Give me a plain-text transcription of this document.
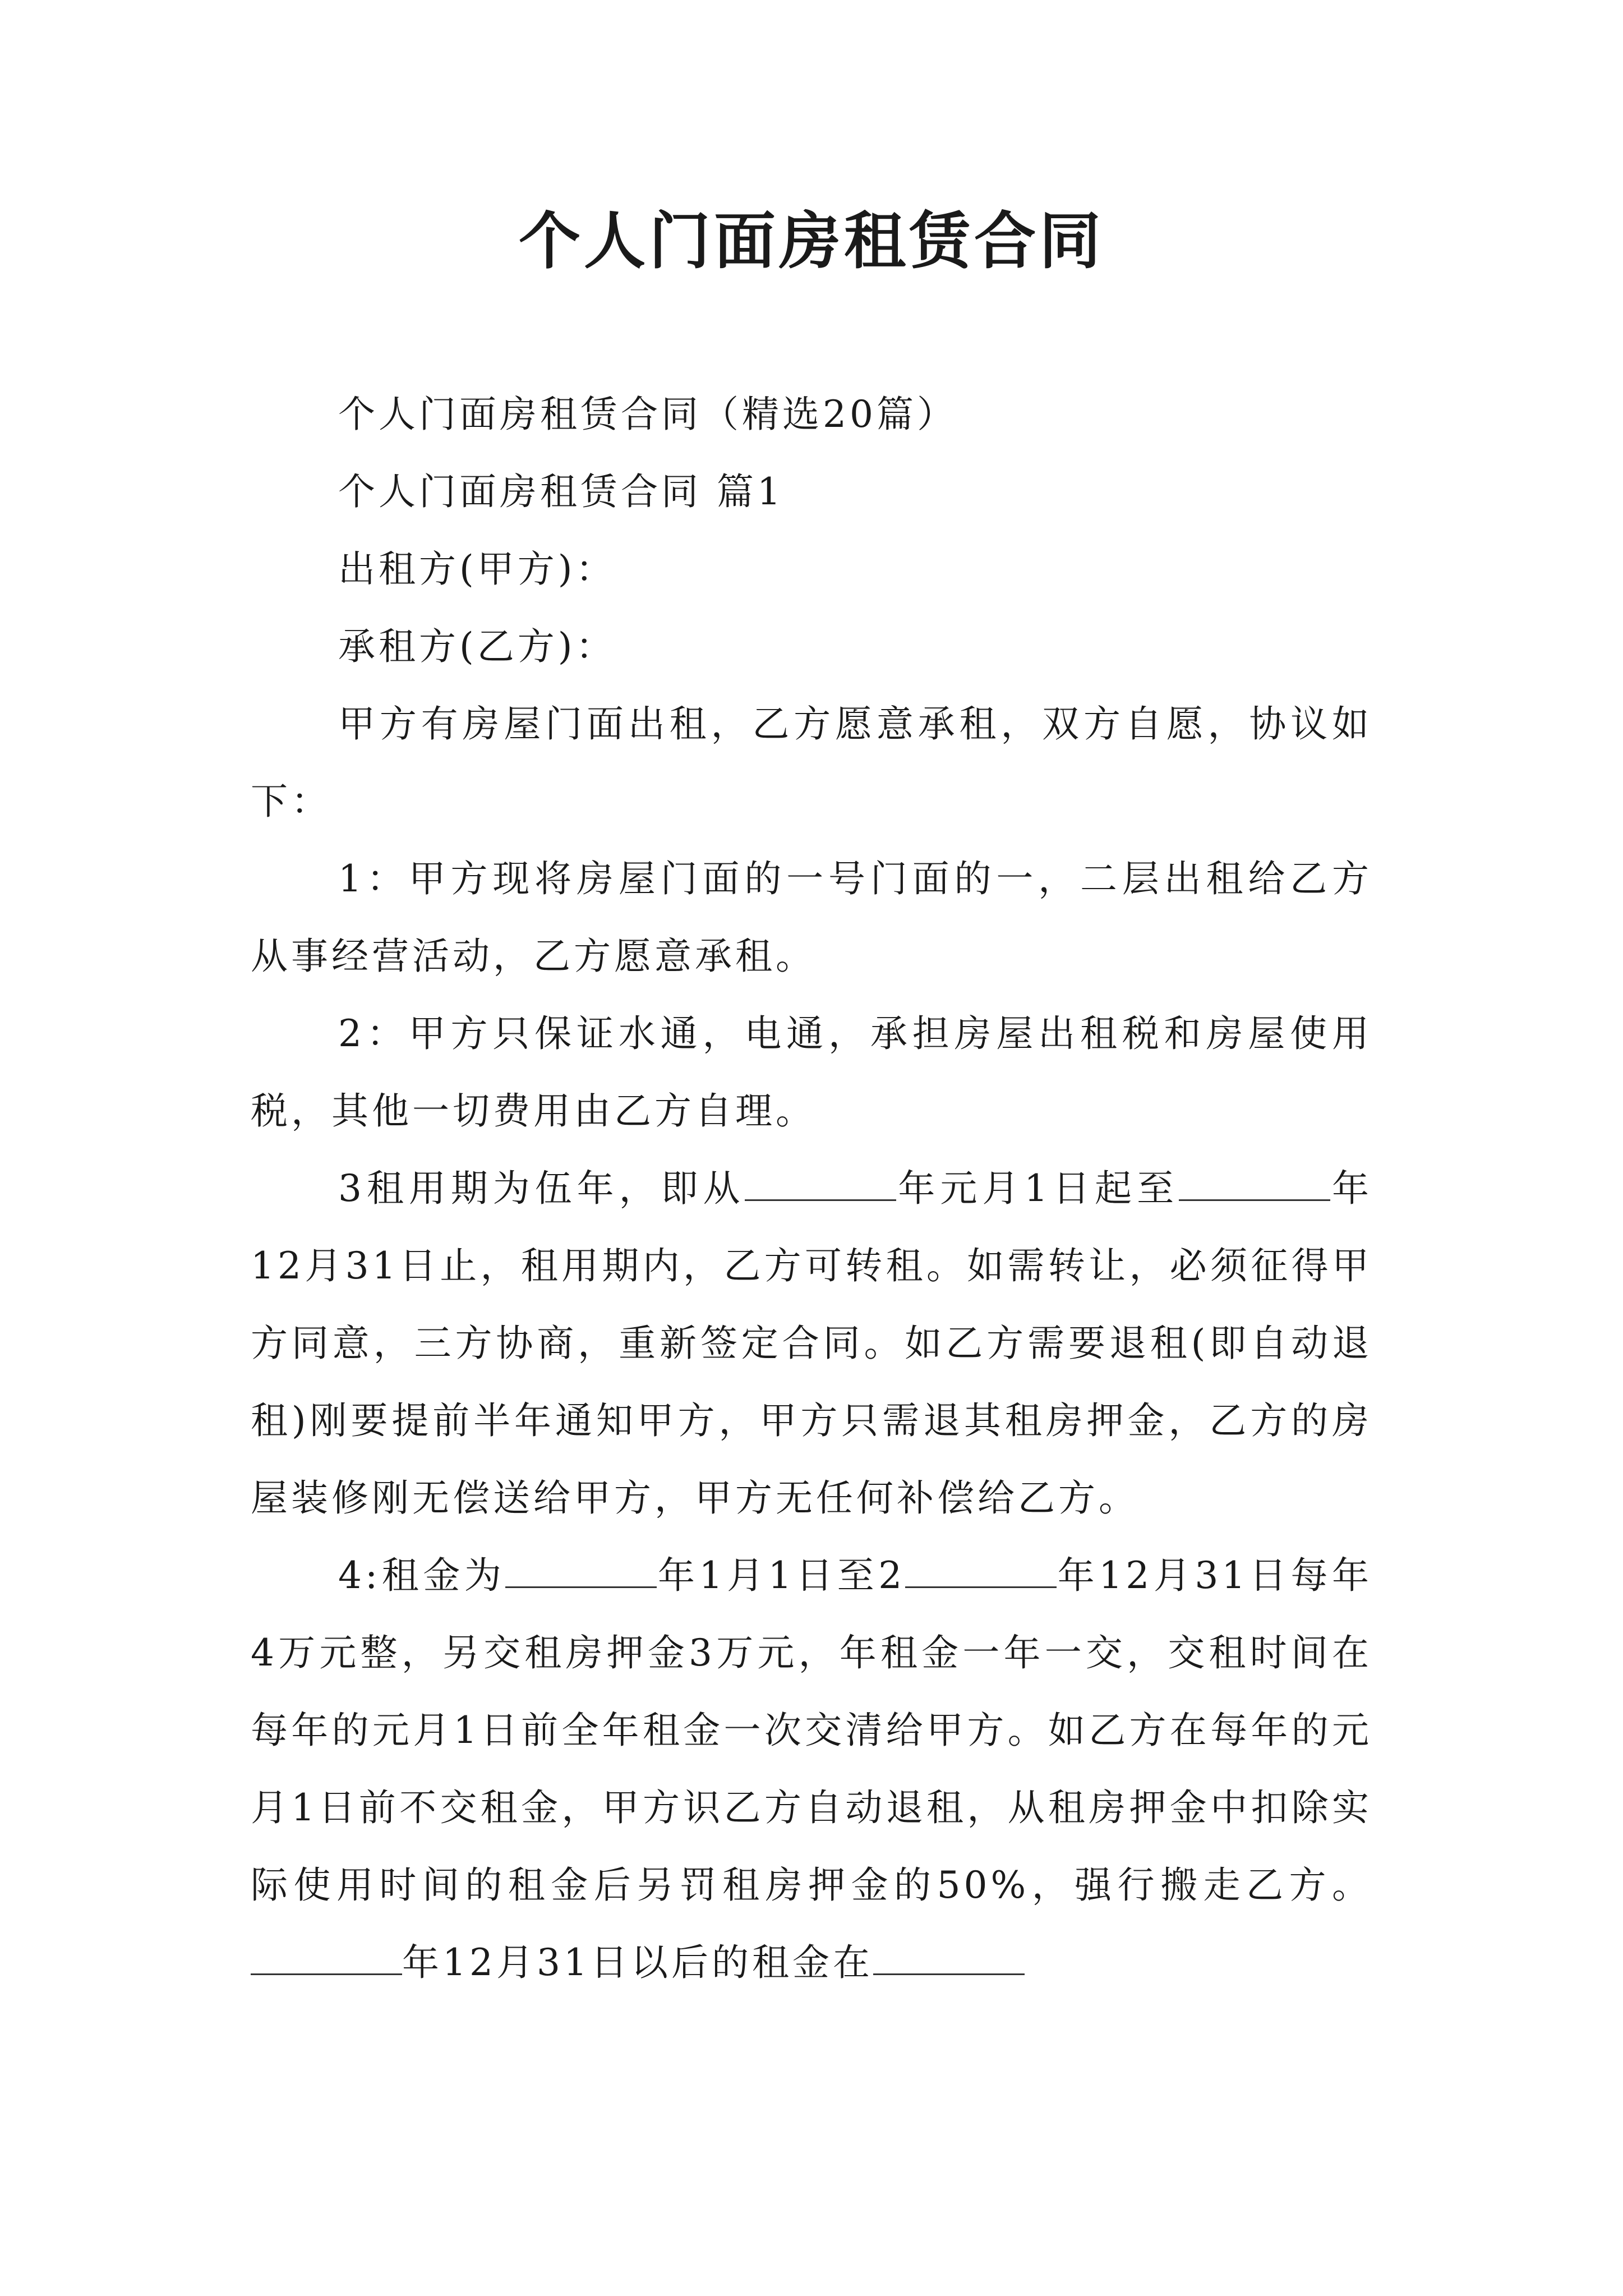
个人门面房租赁合同

个人门面房租赁合同（精选20篇）

个人门面房租赁合同 篇1

出租方(甲方)：

承租方(乙方)：

甲方有房屋门面出租，乙方愿意承租，双方自愿，协议如下：

1：甲方现将房屋门面的一号门面的一，二层出租给乙方从事经营活动，乙方愿意承租。

2：甲方只保证水通，电通，承担房屋出租税和房屋使用税，其他一切费用由乙方自理。

3租用期为伍年，即从	年元月1日起至	年12月31日止，租用期内，乙方可转租。如需转让，必须征得甲方同意，三方协商，重新签定合同。如乙方需要退租(即自动退租)刚要提前半年通知甲方，甲方只需退其租房押金，乙方的房屋装修刚无偿送给甲方，甲方无任何补偿给乙方。

4:租金为	年1月1日至2	年12月31日每年4万元整，另交租房押金3万元，年租金一年一交，交租时间在每年的元月1日前全年租金一次交清给甲方。如乙方在每年的元月1日前不交租金，甲方识乙方自动退租，从租房押金中扣除实际使用时间的租金后另罚租房押金的50%，强行搬走乙方。年12月31日以后的租金在
